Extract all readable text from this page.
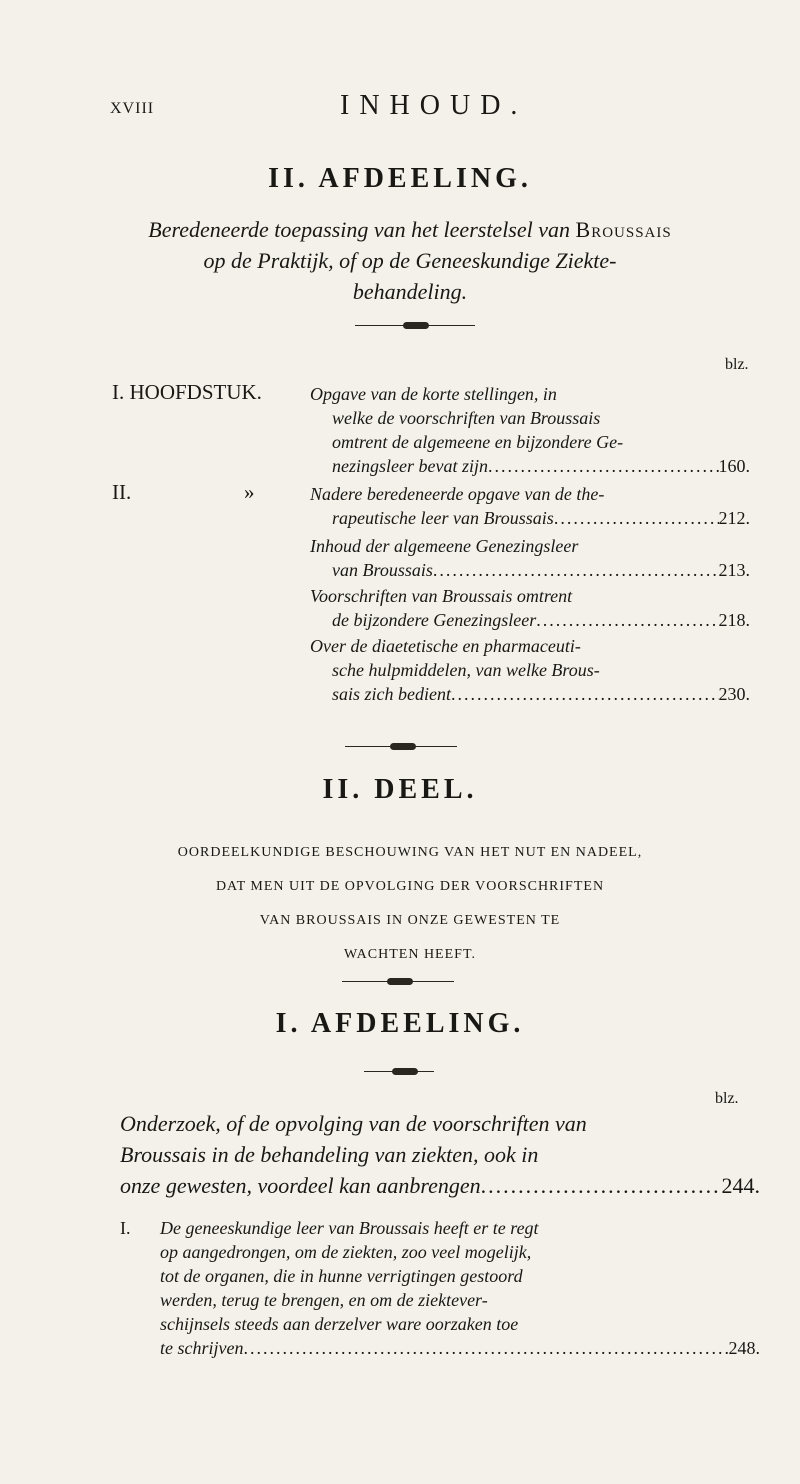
XVIII	INHOUD.
II. AFDEELING.
Beredeneerde toepassing van het leerstelsel van Broussais
op de Praktijk, of op de Geneeskundige Ziekte-
behandeling.
blz.
I. HOOFDSTUK.	Opgave van de korte stellingen, in
welke de voorschriften van Broussais
omtrent de algemeene en bijzondere Ge-
nezingsleer bevat zijn .....	160.
II.	»	Nadere beredeneerde opgave van de the-
rapeutische leer van Broussais .....	212.
Inhoud der algemeene Genezingsleer
van Broussais .....	213.
Voorschriften van Broussais omtrent
de bijzondere Genezingsleer .....	218.
Over de diaetetische en pharmaceuti-
sche hulpmiddelen, van welke Brous-
sais zich bedient .....	230.
II. DEEL.
OORDEELKUNDIGE BESCHOUWING VAN HET NUT EN NADEEL,
DAT MEN UIT DE OPVOLGING DER VOORSCHRIFTEN
VAN BROUSSAIS IN ONZE GEWESTEN TE
WACHTEN HEEFT.
I. AFDEELING.
blz.
Onderzoek, of de opvolging van de voorschriften van
Broussais in de behandeling van ziekten, ook in
onze gewesten, voordeel kan aanbrengen .....	244.
I. De geneeskundige leer van Broussais heeft er te regt
op aangedrongen, om de ziekten, zoo veel mogelijk,
tot de organen, die in hunne verrigtingen gestoord
werden, terug te brengen, en om de ziektever-
schijnsels steeds aan derzelver ware oorzaken toe
te schrijven .....	248.
